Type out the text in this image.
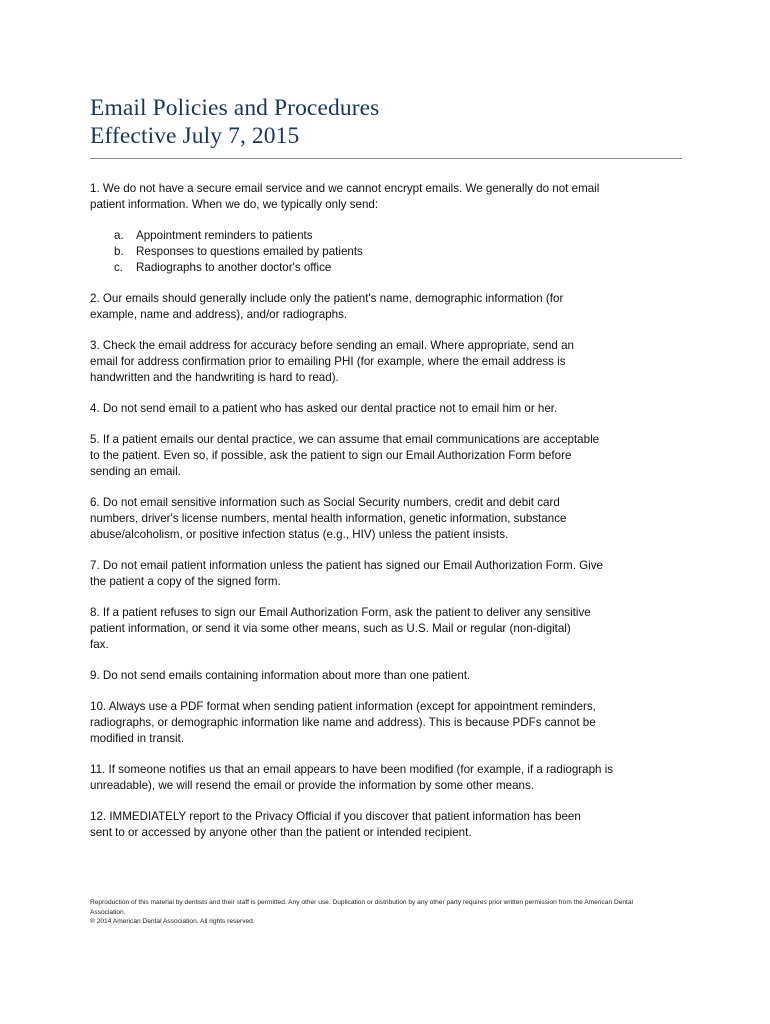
Email Policies and Procedures
Effective July 7, 2015

1. We do not have a secure email service and we cannot encrypt emails. We generally do not email
patient information. When we do, we typically only send:

a. Appointment reminders to patients
b. Responses to questions emailed by patients
c. Radiographs to another doctor's office

2. Our emails should generally include only the patient's name, demographic information (for
example, name and address), and/or radiographs.

3. Check the email address for accuracy before sending an email. Where appropriate, send an
email for address confirmation prior to emailing PHI (for example, where the email address is
handwritten and the handwriting is hard to read).

4. Do not send email to a patient who has asked our dental practice not to email him or her.

5. If a patient emails our dental practice, we can assume that email communications are acceptable
to the patient. Even so, if possible, ask the patient to sign our Email Authorization Form before
sending an email.

6. Do not email sensitive information such as Social Security numbers, credit and debit card
numbers, driver's license numbers, mental health information, genetic information, substance
abuse/alcoholism, or positive infection status (e.g., HIV) unless the patient insists.

7. Do not email patient information unless the patient has signed our Email Authorization Form. Give
the patient a copy of the signed form.

8. If a patient refuses to sign our Email Authorization Form, ask the patient to deliver any sensitive
patient information, or send it via some other means, such as U.S. Mail or regular (non-digital)
fax.

9. Do not send emails containing information about more than one patient.

10. Always use a PDF format when sending patient information (except for appointment reminders,
radiographs, or demographic information like name and address). This is because PDFs cannot be
modified in transit.

11. If someone notifies us that an email appears to have been modified (for example, if a radiograph is
unreadable), we will resend the email or provide the information by some other means.

12. IMMEDIATELY report to the Privacy Official if you discover that patient information has been
sent to or accessed by anyone other than the patient or intended recipient.

Reproduction of this material by dentists and their staff is permitted. Any other use. Duplication or distribution by any other party requires prior written permission from the American Dental
Association.
® 2014 American Dental Association. All rights reserved.
